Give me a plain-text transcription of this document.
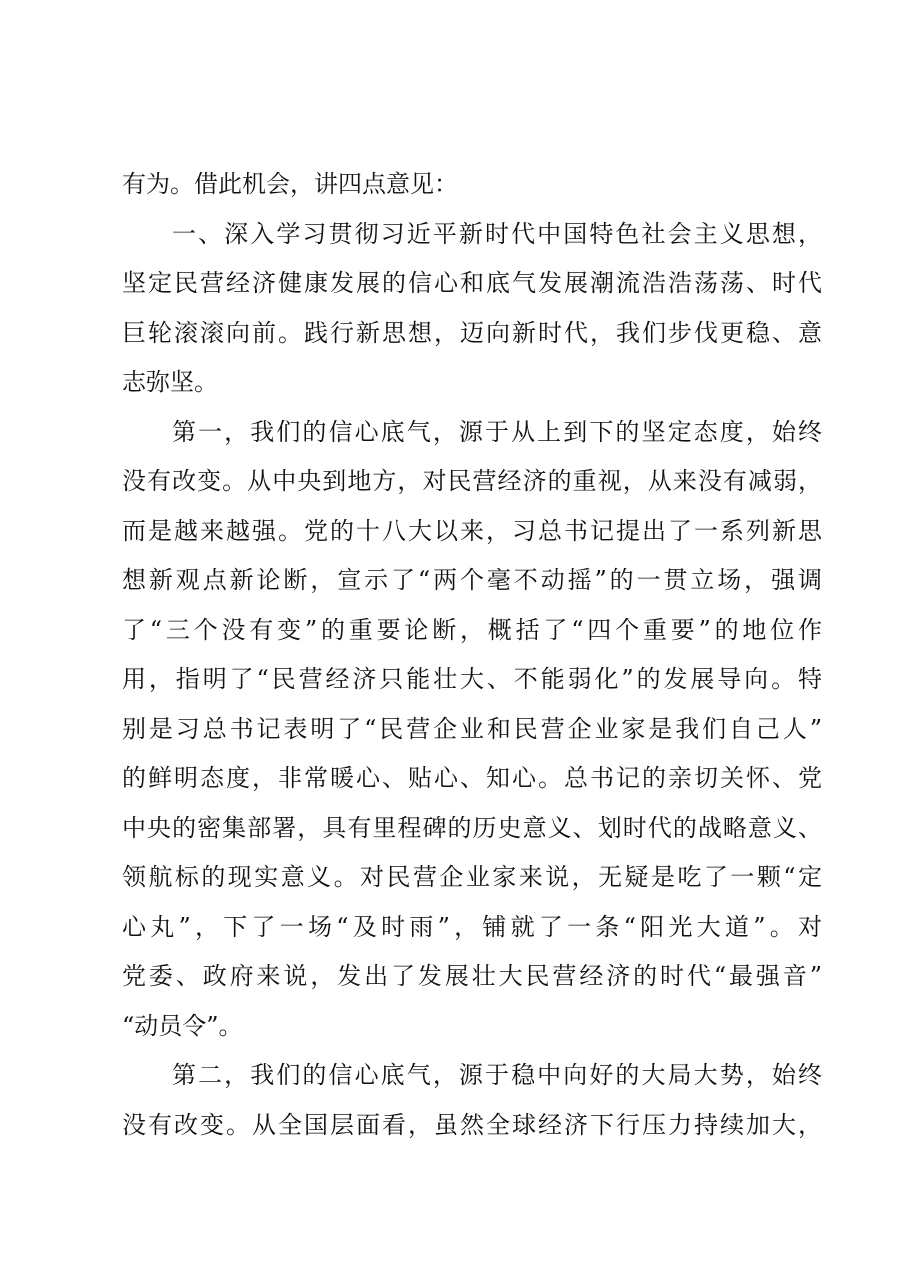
有为。借此机会，讲四点意见：
一、深入学习贯彻习近平新时代中国特色社会主义思想，
坚定民营经济健康发展的信心和底气发展潮流浩浩荡荡、时代
巨轮滚滚向前。践行新思想，迈向新时代，我们步伐更稳、意
志弥坚。
第一，我们的信心底气，源于从上到下的坚定态度，始终
没有改变。从中央到地方，对民营经济的重视，从来没有减弱，
而是越来越强。党的十八大以来，习总书记提出了一系列新思
想新观点新论断，宣示了“两个毫不动摇”的一贯立场，强调
了“三个没有变”的重要论断，概括了“四个重要”的地位作
用，指明了“民营经济只能壮大、不能弱化”的发展导向。特
别是习总书记表明了“民营企业和民营企业家是我们自己人”
的鲜明态度，非常暖心、贴心、知心。总书记的亲切关怀、党
中央的密集部署，具有里程碑的历史意义、划时代的战略意义、
领航标的现实意义。对民营企业家来说，无疑是吃了一颗“定
心丸”，下了一场“及时雨”，铺就了一条“阳光大道”。对
党委、政府来说，发出了发展壮大民营经济的时代“最强音”
“动员令”。
第二，我们的信心底气，源于稳中向好的大局大势，始终
没有改变。从全国层面看，虽然全球经济下行压力持续加大，
